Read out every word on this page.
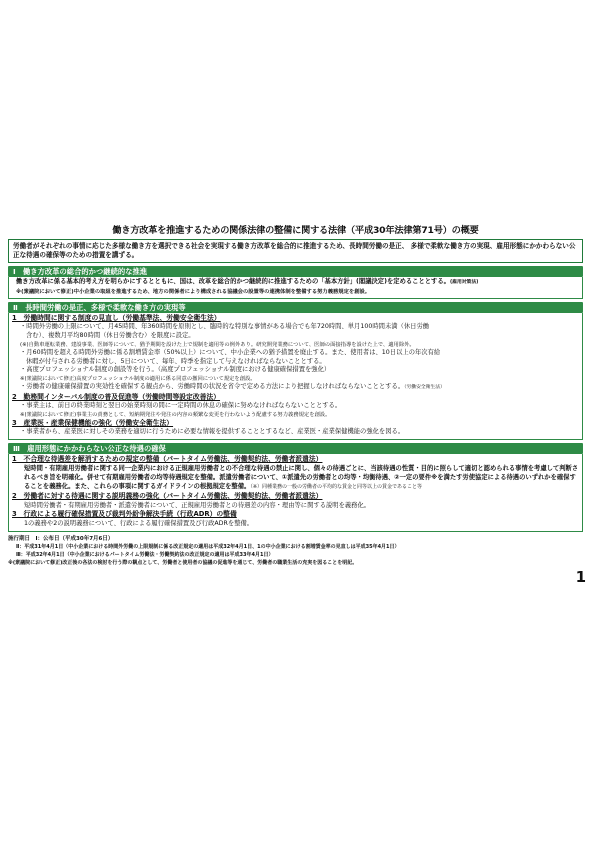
働き方改革を推進するための関係法律の整備に関する法律（平成30年法律第71号）の概要
労働者がそれぞれの事情に応じた多様な働き方を選択できる社会を実現する働き方改革を総合的に推進するため、長時間労働の是正、 多様で柔軟な働き方の実現、雇用形態にかかわらない公正な待遇の確保等のための措置を講ずる。
Ⅰ　働き方改革の総合的かつ継続的な推進
働き方改革に係る基本的考え方を明らかにするとともに、国は、改革を総合的かつ継続的に推進するための「基本方針」(閣議決定)を定めることとする。(雇用対策法)
※(衆議院において修正)中小企業の取組を推進するため、地方の関係者により構成される協議会の設置等の連携体制を整備する努力義務規定を創設。
Ⅱ　長時間労働の是正、多様で柔軟な働き方の実現等
1　労働時間に関する制度の見直し（労働基準法、労働安全衛生法）
・時間外労働の上限について、月45時間、年360時間を原則とし、臨時的な特別な事情がある場合でも年720時間、単月100時間未満（休日労働
含む）、複数月平均80時間（休日労働含む）を限度に設定。
(※)自動車運転業務、建設事業、医師等について、猶予期間を設けた上で規制を適用等の例外あり。研究開発業務について、医師の面接指導を設けた上で、適用除外。
・月60時間を超える時間外労働に係る割増賃金率（50%以上）について、中小企業への猶予措置を廃止する。また、使用者は、10日以上の年次有給
休暇が付与される労働者に対し、5日について、毎年、時季を指定して与えなければならないこととする。
・高度プロフェッショナル制度の創設等を行う。（高度プロフェッショナル制度における健康確保措置を強化）
※(衆議院において修正)高度プロフェッショナル制度の適用に係る同意の撤回について規定を創設。
・労働者の健康確保措置の実効性を確保する観点から、労働時間の状況を省令で定める方法により把握しなければならないこととする。（労働安全衛生法）
2　勤務間インターバル制度の普及促進等（労働時間等設定改善法）
・事業主は、前日の終業時刻と翌日の始業時刻の間に一定時間の休息の確保に努めなければならないこととする。
※(衆議院において修正)事業主の責務として、短納期発注や発注の内容の頻繁な変更を行わないよう配慮する努力義務規定を創設。
3　産業医・産業保健機能の強化（労働安全衛生法）
・事業者から、産業医に対しその業務を適切に行うために必要な情報を提供することとするなど、産業医・産業保健機能の強化を図る。
Ⅲ　雇用形態にかかわらない公正な待遇の確保
1　不合理な待遇差を解消するための規定の整備（パートタイム労働法、労働契約法、労働者派遣法）
短時間・有期雇用労働者に関する同一企業内における正規雇用労働者との不合理な待遇の禁止に関し、個々の待遇ごとに、当該待遇の性質・目的に照らして適切と認められる事情を考慮して判断されるべき旨を明確化。併せて有期雇用労働者の均等待遇規定を整備。派遣労働者について、①派遣先の労働者との均等・均衡待遇、②一定の要件※を満たす労使協定による待遇のいずれかを確保することを義務化。また、これらの事項に関するガイドラインの根拠規定を整備。（※）同種業務の一般の労働者の平均的な賃金と同等以上の賃金であること等
2　労働者に対する待遇に関する説明義務の強化（パートタイム労働法、労働契約法、労働者派遣法）
短時間労働者・有期雇用労働者・派遣労働者について、正規雇用労働者との待遇差の内容・理由等に関する説明を義務化。
3　行政による履行確保措置及び裁判外紛争解決手続（行政ADR）の整備
1の義務や2の説明義務について、行政による履行確保措置及び行政ADRを整備。
施行期日　Ⅰ：公布日（平成30年7月6日）
Ⅱ：平成31年4月1日（中小企業における時間外労働の上限規制に係る改正規定の適用は平成32年4月1日、1の中小企業における割増賃金率の見直しは平成35年4月1日）
Ⅲ：平成32年4月1日（中小企業におけるパートタイム労働法・労働契約法の改正規定の適用は平成33年4月1日）
※(衆議院において修正)改正後の各法の検討を行う際の観点として、労働者と使用者の協議の促進等を通じて、労働者の職業生活の充実を図ることを明記。
1
